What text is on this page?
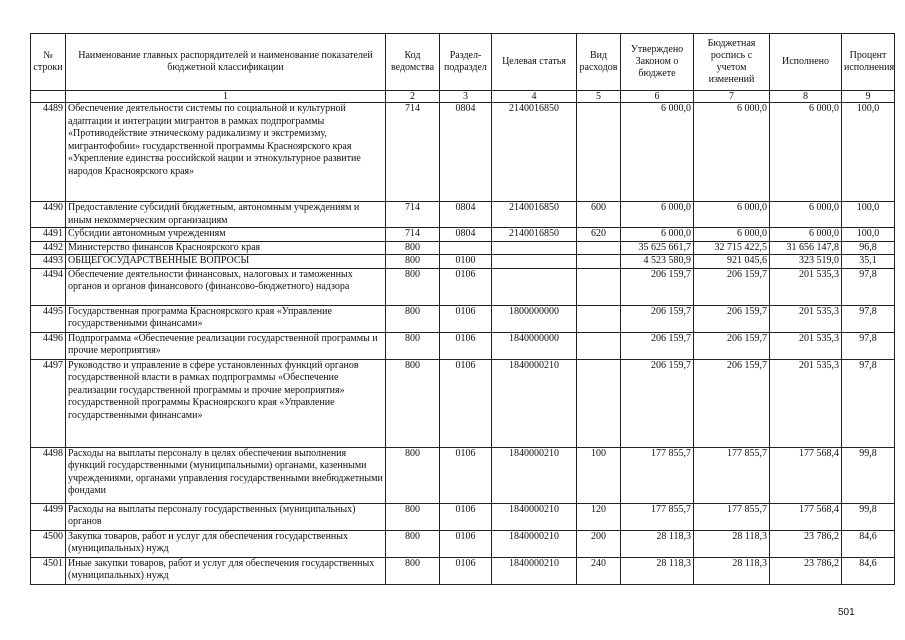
№ строки	Наименование главных распорядителей и наименование показателей бюджетной классификации	Код ведомства	Раздел-подраздел	Целевая статья	Вид расходов	Утверждено Законом о бюджете	Бюджетная роспись с учетом изменений	Исполнено	Процент исполнения
	1	2	3	4	5	6	7	8	9
4489	Обеспечение деятельности системы по социальной и культурной адаптации и интеграции мигрантов в рамках подпрограммы «Противодействие этническому радикализму и экстремизму, мигрантофобии» государственной программы Красноярского края «Укрепление единства российской нации и этнокультурное развитие народов Красноярского края»	714	0804	2140016850		6 000,0	6 000,0	6 000,0	100,0
4490	Предоставление субсидий бюджетным, автономным учреждениям и иным некоммерческим организациям	714	0804	2140016850	600	6 000,0	6 000,0	6 000,0	100,0
4491	Субсидии автономным учреждениям	714	0804	2140016850	620	6 000,0	6 000,0	6 000,0	100,0
4492	Министерство финансов Красноярского края	800				35 625 661,7	32 715 422,5	31 656 147,8	96,8
4493	ОБЩЕГОСУДАРСТВЕННЫЕ ВОПРОСЫ	800	0100			4 523 580,9	921 045,6	323 519,0	35,1
4494	Обеспечение деятельности финансовых, налоговых и таможенных органов и органов финансового (финансово-бюджетного) надзора	800	0106			206 159,7	206 159,7	201 535,3	97,8
4495	Государственная программа Красноярского края «Управление государственными финансами»	800	0106	1800000000		206 159,7	206 159,7	201 535,3	97,8
4496	Подпрограмма «Обеспечение реализации государственной программы и прочие мероприятия»	800	0106	1840000000		206 159,7	206 159,7	201 535,3	97,8
4497	Руководство и управление в сфере установленных функций органов государственной власти в рамках подпрограммы «Обеспечение реализации государственной программы и прочие мероприятия» государственной программы Красноярского края «Управление государственными финансами»	800	0106	1840000210		206 159,7	206 159,7	201 535,3	97,8
4498	Расходы на выплаты персоналу в целях обеспечения выполнения функций государственными (муниципальными) органами, казенными учреждениями, органами управления государственными внебюджетными фондами	800	0106	1840000210	100	177 855,7	177 855,7	177 568,4	99,8
4499	Расходы на выплаты персоналу государственных (муниципальных) органов	800	0106	1840000210	120	177 855,7	177 855,7	177 568,4	99,8
4500	Закупка товаров, работ и услуг для обеспечения государственных (муниципальных) нужд	800	0106	1840000210	200	28 118,3	28 118,3	23 786,2	84,6
4501	Иные закупки товаров, работ и услуг для обеспечения государственных (муниципальных) нужд	800	0106	1840000210	240	28 118,3	28 118,3	23 786,2	84,6
501
